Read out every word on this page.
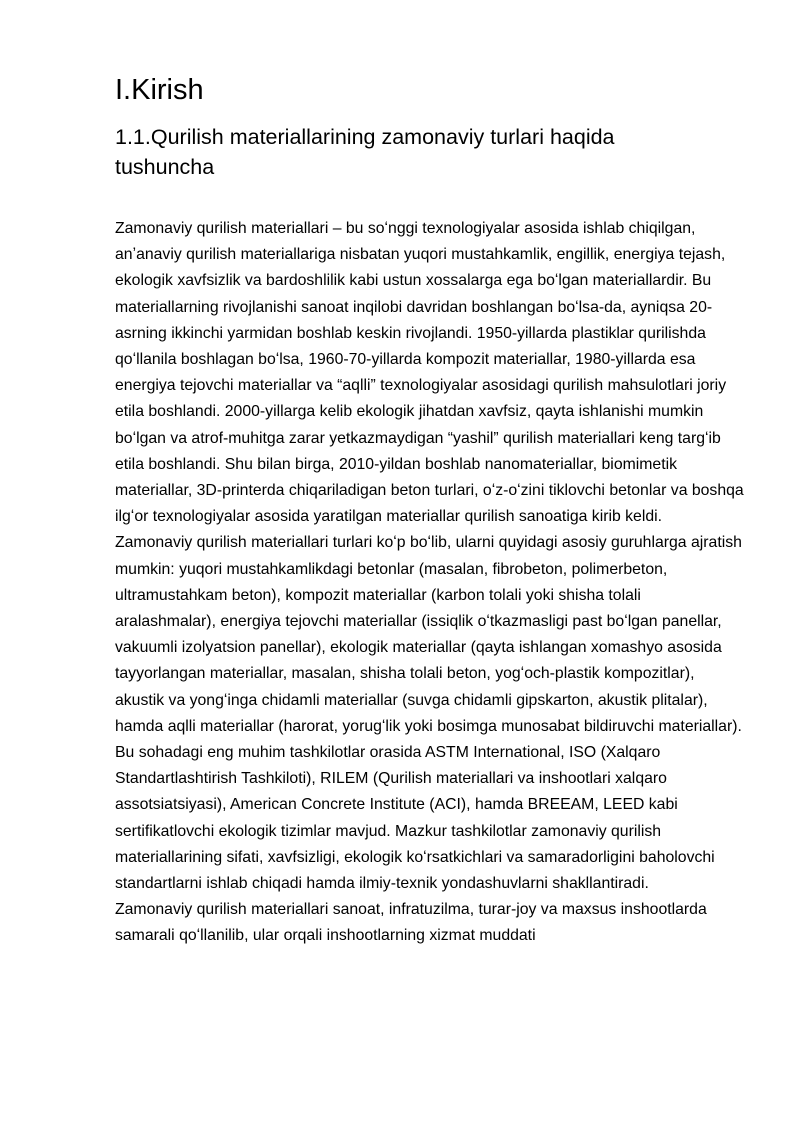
I.Kirish
1.1.Qurilish materiallarining zamonaviy turlari haqida tushuncha

Zamonaviy qurilish materiallari – bu soʻnggi texnologiyalar asosida ishlab chiqilgan, anʼanaviy qurilish materiallariga nisbatan yuqori mustahkamlik, engillik, energiya tejash, ekologik xavfsizlik va bardoshlilik kabi ustun xossalarga ega boʻlgan materiallardir. Bu materiallarning rivojlanishi sanoat inqilobi davridan boshlangan boʻlsa-da, ayniqsa 20-asrning ikkinchi yarmidan boshlab keskin rivojlandi. 1950-yillarda plastiklar qurilishda qoʻllanila boshlagan boʻlsa, 1960-70-yillarda kompozit materiallar, 1980-yillarda esa energiya tejovchi materiallar va “aqlli” texnologiyalar asosidagi qurilish mahsulotlari joriy etila boshlandi. 2000-yillarga kelib ekologik jihatdan xavfsiz, qayta ishlanishi mumkin boʻlgan va atrof-muhitga zarar yetkazmaydigan “yashil” qurilish materiallari keng targʻib etila boshlandi. Shu bilan birga, 2010-yildan boshlab nanomateriallar, biomimetik materiallar, 3D-printerda chiqariladigan beton turlari, oʻz-oʻzini tiklovchi betonlar va boshqa ilgʻor texnologiyalar asosida yaratilgan materiallar qurilish sanoatiga kirib keldi.

Zamonaviy qurilish materiallari turlari koʻp boʻlib, ularni quyidagi asosiy guruhlarga ajratish mumkin: yuqori mustahkamlikdagi betonlar (masalan, fibrobeton, polimerbeton, ultramustahkam beton), kompozit materiallar (karbon tolali yoki shisha tolali aralashmalar), energiya tejovchi materiallar (issiqlik oʻtkazmasligi past boʻlgan panellar, vakuumli izolyatsion panellar), ekologik materiallar (qayta ishlangan xomashyo asosida tayyorlangan materiallar, masalan, shisha tolali beton, yogʻoch-plastik kompozitlar), akustik va yongʻinga chidamli materiallar (suvga chidamli gipskarton, akustik plitalar), hamda aqlli materiallar (harorat, yorugʻlik yoki bosimga munosabat bildiruvchi materiallar).

Bu sohadagi eng muhim tashkilotlar orasida ASTM International, ISO (Xalqaro Standartlashtirish Tashkiloti), RILEM (Qurilish materiallari va inshootlari xalqaro assotsiatsiyasi), American Concrete Institute (ACI), hamda BREEAM, LEED kabi sertifikatlovchi ekologik tizimlar mavjud. Mazkur tashkilotlar zamonaviy qurilish materiallarining sifati, xavfsizligi, ekologik koʻrsatkichlari va samaradorligini baholovchi standartlarni ishlab chiqadi hamda ilmiy-texnik yondashuvlarni shakllantiradi.

Zamonaviy qurilish materiallari sanoat, infratuzilma, turar-joy va maxsus inshootlarda samarali qoʻllanilib, ular orqali inshootlarning xizmat muddati
